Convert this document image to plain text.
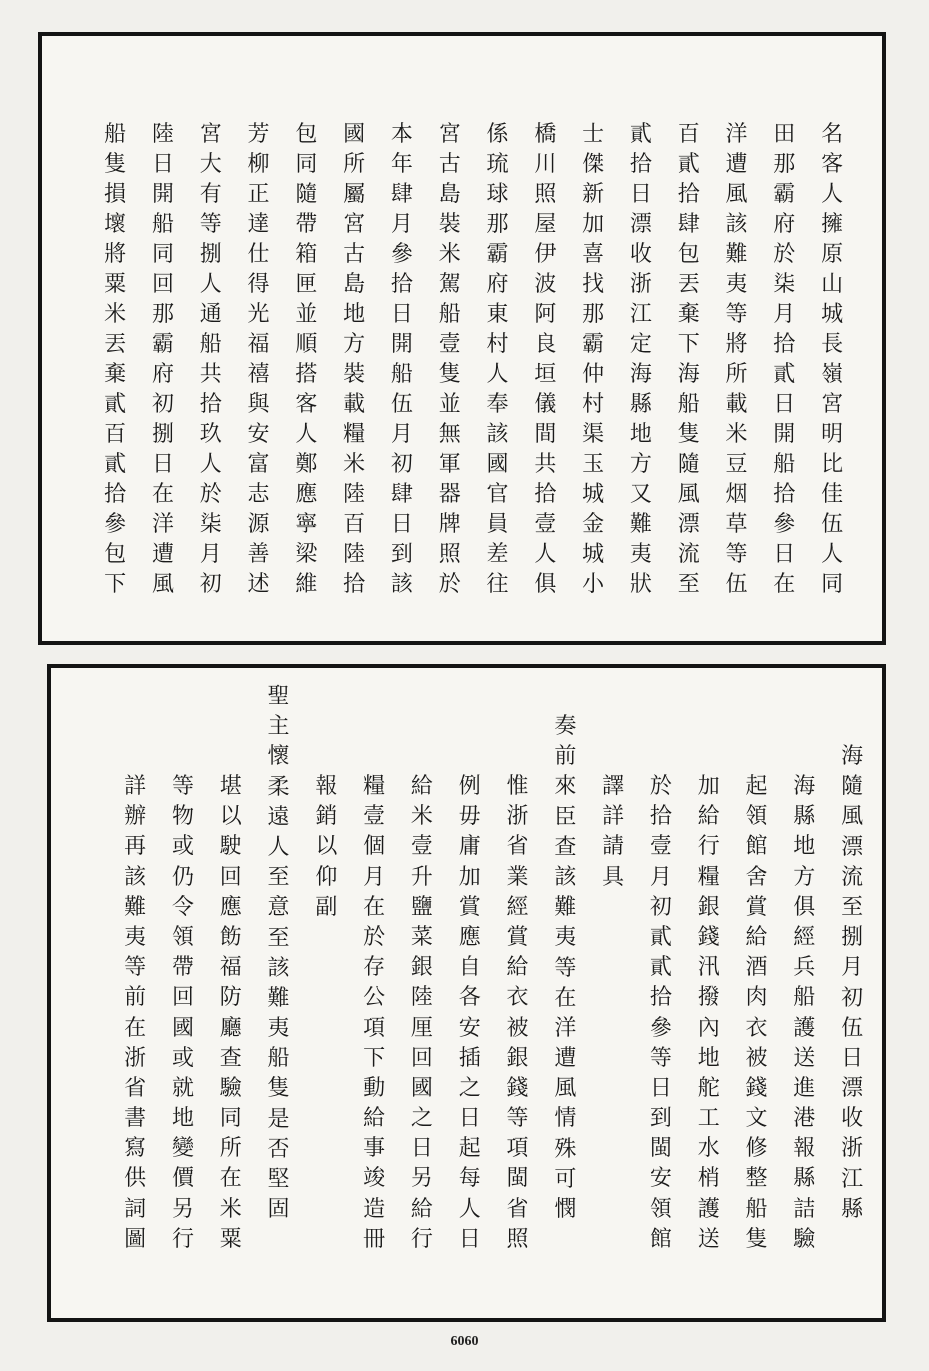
名
客
人
擁
原
山
城
長
嶺
宮
明
比
佳
伍
人
同
田
那
霸
府
於
柒
月
拾
貳
日
開
船
拾
參
日
在
洋
遭
風
該
難
夷
等
將
所
載
米
豆
烟
草
等
伍
百
貳
拾
肆
包
丟
棄
下
海
船
隻
隨
風
漂
流
至
貳
拾
日
漂
收
浙
江
定
海
縣
地
方
又
難
夷
狀
士
傑
新
加
喜
找
那
霸
仲
村
渠
玉
城
金
城
小
橋
川
照
屋
伊
波
阿
良
垣
儀
間
共
拾
壹
人
俱
係
琉
球
那
霸
府
東
村
人
奉
該
國
官
員
差
往
宮
古
島
裝
米
駕
船
壹
隻
並
無
軍
器
牌
照
於
本
年
肆
月
參
拾
日
開
船
伍
月
初
肆
日
到
該
國
所
屬
宮
古
島
地
方
裝
載
糧
米
陸
百
陸
拾
包
同
隨
帶
箱
匣
並
順
搭
客
人
鄭
應
寧
梁
維
芳
柳
正
達
仕
得
光
福
禧
與
安
富
志
源
善
述
宮
大
有
等
捌
人
通
船
共
拾
玖
人
於
柒
月
初
陸
日
開
船
同
回
那
霸
府
初
捌
日
在
洋
遭
風
船
隻
損
壞
將
粟
米
丟
棄
貳
百
貳
拾
參
包
下
海
隨
風
漂
流
至
捌
月
初
伍
日
漂
收
浙
江
縣
海
縣
地
方
俱
經
兵
船
護
送
進
港
報
縣
詰
驗
起
領
館
舍
賞
給
酒
肉
衣
被
錢
文
修
整
船
隻
加
給
行
糧
銀
錢
汛
撥
內
地
舵
工
水
梢
護
送
於
拾
壹
月
初
貳
貳
拾
參
等
日
到
閩
安
領
館
譯
詳
請
具
奏
前
來
臣
查
該
難
夷
等
在
洋
遭
風
情
殊
可
憫
惟
浙
省
業
經
賞
給
衣
被
銀
錢
等
項
閩
省
照
例
毋
庸
加
賞
應
自
各
安
插
之
日
起
每
人
日
給
米
壹
升
鹽
菜
銀
陸
厘
回
國
之
日
另
給
行
糧
壹
個
月
在
於
存
公
項
下
動
給
事
竣
造
冊
報
銷
以
仰
副
聖
主
懷
柔
遠
人
至
意
至
該
難
夷
船
隻
是
否
堅
固
堪
以
駛
回
應
飭
福
防
廳
查
驗
同
所
在
米
粟
等
物
或
仍
令
領
帶
回
國
或
就
地
變
價
另
行
詳
辦
再
該
難
夷
等
前
在
浙
省
書
寫
供
詞
圖
6060
